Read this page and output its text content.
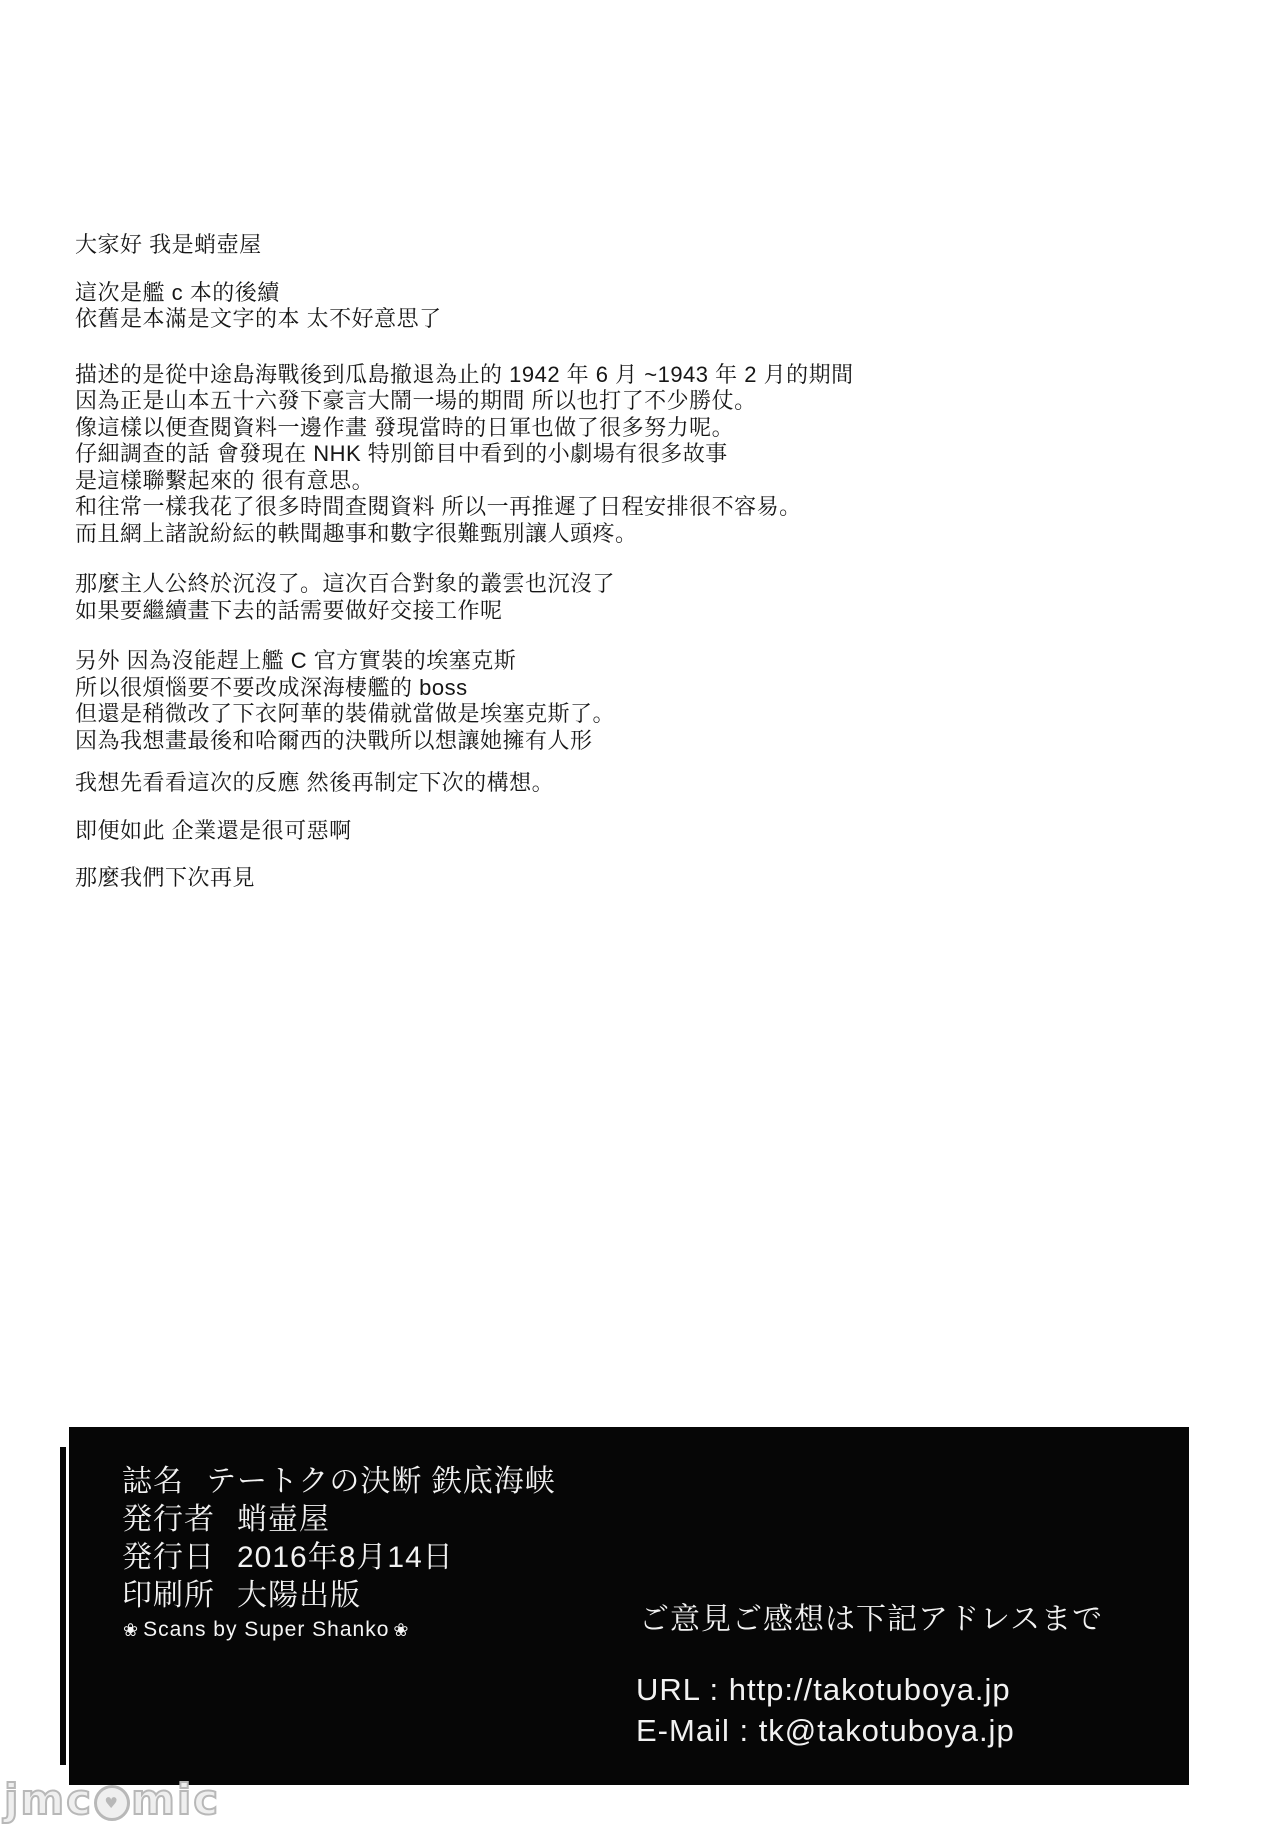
大家好 我是蛸壺屋

這次是艦 c 本的後續
依舊是本滿是文字的本 太不好意思了

描述的是從中途島海戰後到瓜島撤退為止的 1942 年 6 月 ~1943 年 2 月的期間
因為正是山本五十六發下豪言大鬧一場的期間 所以也打了不少勝仗。
像這樣以便查閱資料一邊作畫 發現當時的日軍也做了很多努力呢。
仔細調查的話 會發現在 NHK 特別節目中看到的小劇場有很多故事
是這樣聯繫起來的 很有意思。
和往常一樣我花了很多時間查閱資料 所以一再推遲了日程安排很不容易。
而且網上諸說紛紜的軼聞趣事和數字很難甄別讓人頭疼。

那麼主人公終於沉沒了。這次百合對象的叢雲也沉沒了
如果要繼續畫下去的話需要做好交接工作呢

另外 因為沒能趕上艦 C 官方實裝的埃塞克斯
所以很煩惱要不要改成深海棲艦的 boss
但還是稍微改了下衣阿華的裝備就當做是埃塞克斯了。
因為我想畫最後和哈爾西的決戰所以想讓她擁有人形

我想先看看這次的反應 然後再制定下次的構想。

即便如此 企業還是很可惡啊

那麼我們下次再見

誌名 テートクの決断 鉄底海峡
発行者 蛸壷屋
発行日 2016年8月14日
印刷所 大陽出版
❀ Scans by Super Shanko ❀	ご意見ご感想は下記アドレスまで
URL : http://takotuboya.jp
E-Mail : tk@takotuboya.jp
jmc ♥ mic
